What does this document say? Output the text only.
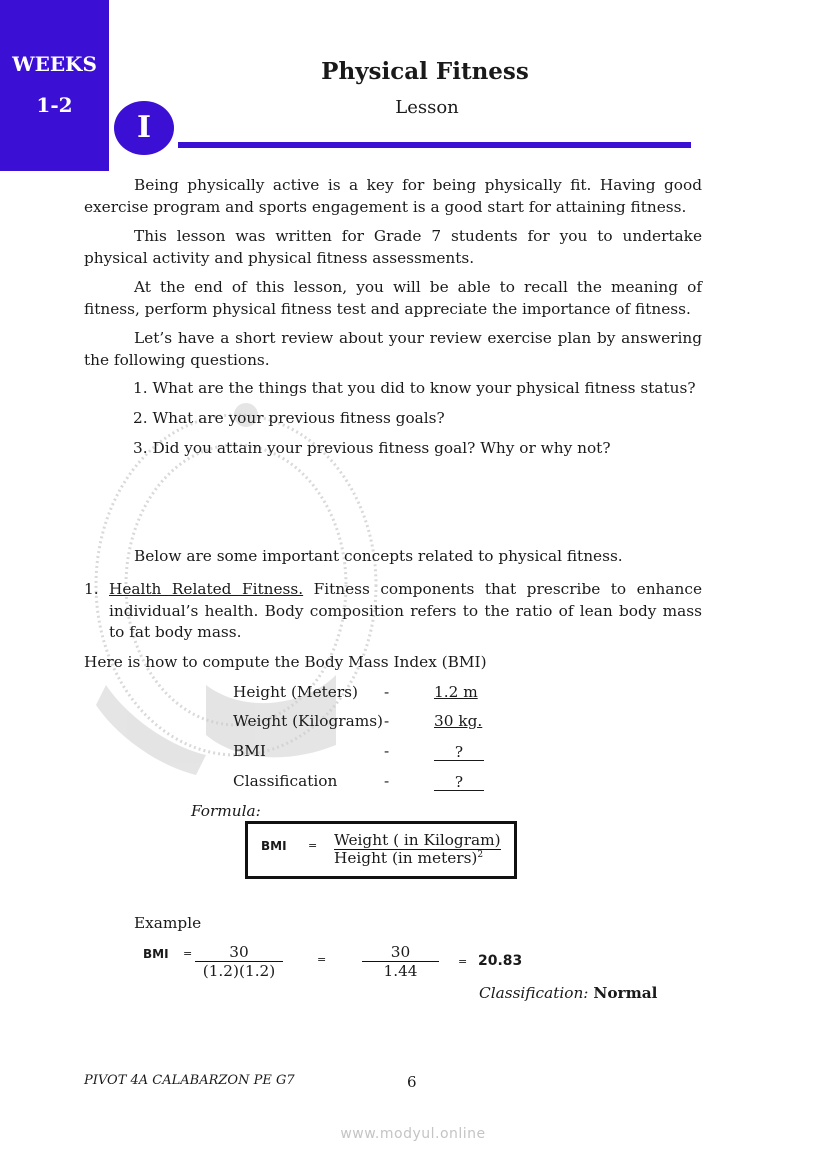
WEEKS
1-2
I
Physical Fitness
Lesson
Being physically active is a key for being physically fit. Having good exercise program and sports engagement is a good start for attaining fitness.
This lesson was written for Grade 7 students for you to undertake physical activity and physical fitness assessments.
At the end of this lesson, you will be able to recall the meaning of fitness, perform physical fitness test and appreciate the importance of fitness.
Let’s have a short review about your review exercise plan by answering the following questions.
1. What are the things that you did to know your physical fitness status?
2. What are your previous fitness goals?
3. Did you attain your previous fitness goal? Why or why not?
Below are some important concepts related to physical fitness.
1. Health Related Fitness. Fitness components that prescribe to enhance individual’s health. Body composition refers to the ratio of lean body mass to fat body mass.
Here is how to compute the Body Mass Index (BMI)
Height (Meters) -	1.2 m
Weight (Kilograms) -	30 kg.
BMI	-	?
Classification	-	?
Formula:
BMI = Weight ( in Kilogram)
Height (in meters)$^2$
Example
BMI =	30
(1.2)(1.2)
=	30
1.44
= 20.83
Classification: Normal
PIVOT 4A CALABARZON PE G7	6
www.modyul.online
